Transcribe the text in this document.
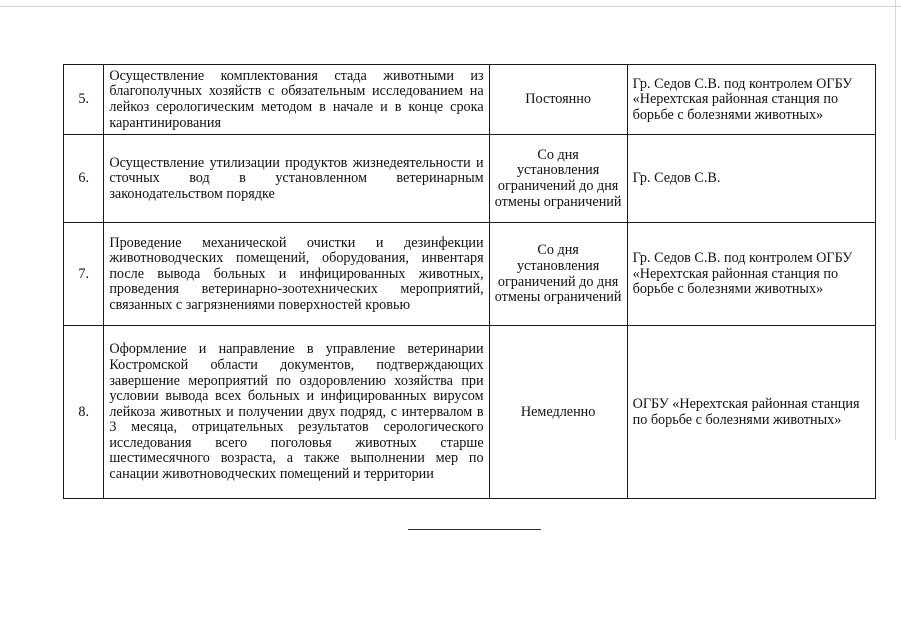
5.	Осуществление комплектования стада животными из благополучных хозяйств с обязательным исследованием на лейкоз серологическим методом в начале и в конце срока карантинирования	Постоянно	Гр. Седов С.В. под контролем ОГБУ «Нерехтская районная станция по борьбе с болезнями животных»
6.	Осуществление утилизации продуктов жизнедеятельности и сточных вод в установленном ветеринарным законодательством порядке	Со дня установления ограничений до дня отмены ограничений	Гр. Седов С.В.
7.	Проведение механической очистки и дезинфекции животноводческих помещений, оборудования, инвентаря после вывода больных и инфицированных животных, проведения ветеринарно-зоотехнических мероприятий, связанных с загрязнениями поверхностей кровью	Со дня установления ограничений до дня отмены ограничений	Гр. Седов С.В. под контролем ОГБУ «Нерехтская районная станция по борьбе с болезнями животных»
8.	Оформление и направление в управление ветеринарии Костромской области документов, подтверждающих завершение мероприятий по оздоровлению хозяйства при условии вывода всех больных и инфицированных вирусом лейкоза животных и получении двух подряд, с интервалом в 3 месяца, отрицательных результатов серологического исследования всего поголовья животных старше шестимесячного возраста, а также выполнении мер по санации животноводческих помещений и территории	Немедленно	ОГБУ «Нерехтская районная станция по борьбе с болезнями животных»
